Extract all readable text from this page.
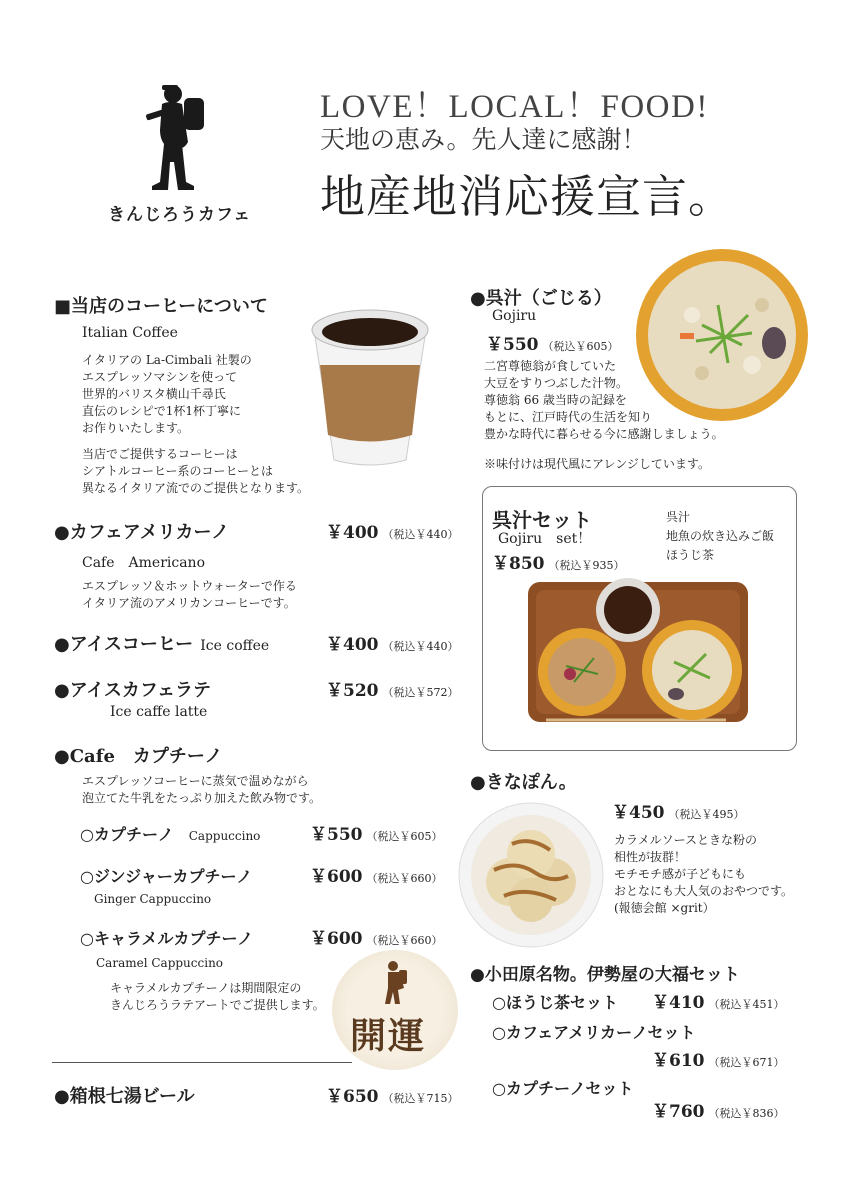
きんじろうカフェ
LOVE！LOCAL！FOOD!
天地の恵み。先人達に感謝！
地産地消応援宣言。
■当店のコーヒーについて
Italian Coffee
イタリアの La-Cimbali 社製の
エスプレッソマシンを使って
世界的バリスタ横山千尋氏
直伝のレシピで1杯1杯丁寧に
お作りいたします。
当店でご提供するコーヒーは
シアトルコーヒー系のコーヒーとは
異なるイタリア流でのご提供となります。
●カフェアメリカーノ	￥400 （税込￥440）
Cafe　Americano
エスプレッソ＆ホットウォーターで作る
イタリア流のアメリカンコーヒーです。
●アイスコーヒー Ice coffee	￥400 （税込￥440）
●アイスカフェラテ	￥520 （税込￥572）
Ice caffe latte
●Cafe　カプチーノ
エスプレッソコーヒーに蒸気で温めながら
泡立てた牛乳をたっぷり加えた飲み物です。
○カプチーノ Cappuccino	￥550 （税込￥605）
○ジンジャーカプチーノ	￥600 （税込￥660）
Ginger Cappuccino
○キャラメルカプチーノ	￥600 （税込￥660）
Caramel Cappuccino
キャラメルカプチーノは期間限定の
きんじろうラテアートでご提供します。
開運
●箱根七湯ビール	￥650 （税込￥715）
●呉汁（ごじる）
Gojiru
￥550 （税込￥605）
二宮尊徳翁が食していた
大豆をすりつぶした汁物。
尊徳翁 66 歳当時の記録を
もとに、江戸時代の生活を知り
豊かな時代に暮らせる今に感謝しましょう。
※味付けは現代風にアレンジしています。
呉汁セット
Gojiru　set！
￥850 （税込￥935）
呉汁
地魚の炊き込みご飯
ほうじ茶
●きなぽん。
￥450 （税込￥495）
カラメルソースときな粉の
相性が抜群！
モチモチ感が子どもにも
おとなにも大人気のおやつです。
(報徳会館 ×grit）
●小田原名物。伊勢屋の大福セット
○ほうじ茶セット ￥410 （税込￥451）
○カフェアメリカーノセット
￥610 （税込￥671）
○カプチーノセット
￥760 （税込￥836）
